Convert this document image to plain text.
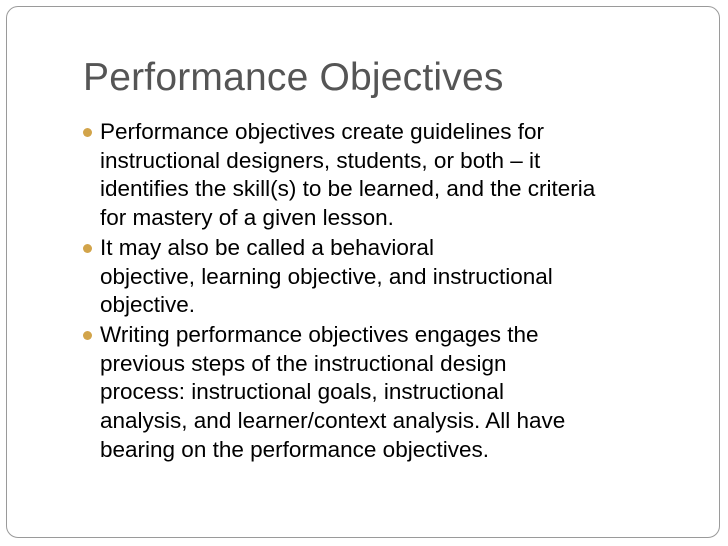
Performance Objectives
Performance objectives create guidelines for
instructional designers, students, or both – it
identifies the skill(s) to be learned, and the criteria
for mastery of a given lesson.
It may also be called a behavioral
objective, learning objective, and instructional
objective.
Writing performance objectives engages the
previous steps of the instructional design
process: instructional goals, instructional
analysis, and learner/context analysis. All have
bearing on the performance objectives.
